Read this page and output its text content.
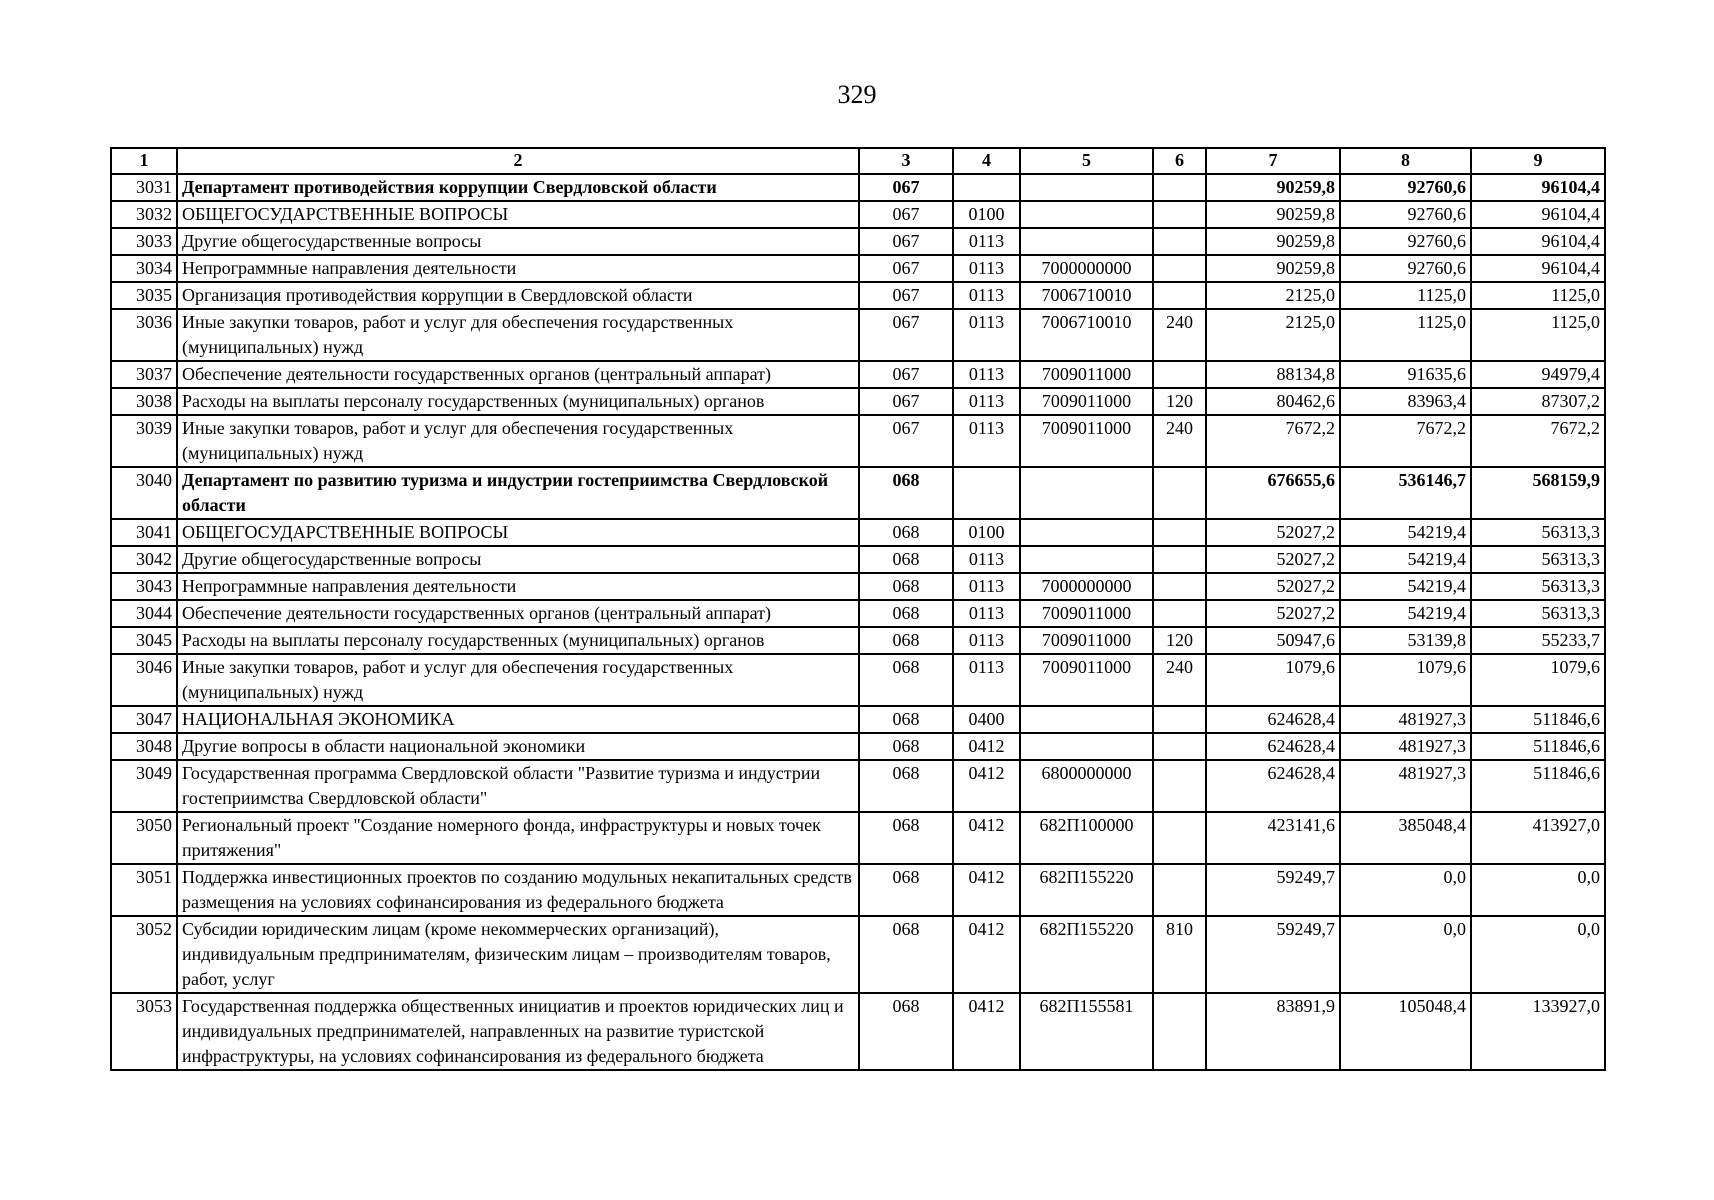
329
1	2	3	4	5	6	7	8	9
3031	Департамент противодействия коррупции Свердловской области	067				90259,8	92760,6	96104,4
3032	ОБЩЕГОСУДАРСТВЕННЫЕ ВОПРОСЫ	067	0100			90259,8	92760,6	96104,4
3033	Другие общегосударственные вопросы	067	0113			90259,8	92760,6	96104,4
3034	Непрограммные направления деятельности	067	0113	7000000000		90259,8	92760,6	96104,4
3035	Организация противодействия коррупции в Свердловской области	067	0113	7006710010		2125,0	1125,0	1125,0
3036	Иные закупки товаров, работ и услуг для обеспечения государственных (муниципальных) нужд	067	0113	7006710010	240	2125,0	1125,0	1125,0
3037	Обеспечение деятельности государственных органов (центральный аппарат)	067	0113	7009011000		88134,8	91635,6	94979,4
3038	Расходы на выплаты персоналу государственных (муниципальных) органов	067	0113	7009011000	120	80462,6	83963,4	87307,2
3039	Иные закупки товаров, работ и услуг для обеспечения государственных (муниципальных) нужд	067	0113	7009011000	240	7672,2	7672,2	7672,2
3040	Департамент по развитию туризма и индустрии гостеприимства Свердловской области	068				676655,6	536146,7	568159,9
3041	ОБЩЕГОСУДАРСТВЕННЫЕ ВОПРОСЫ	068	0100			52027,2	54219,4	56313,3
3042	Другие общегосударственные вопросы	068	0113			52027,2	54219,4	56313,3
3043	Непрограммные направления деятельности	068	0113	7000000000		52027,2	54219,4	56313,3
3044	Обеспечение деятельности государственных органов (центральный аппарат)	068	0113	7009011000		52027,2	54219,4	56313,3
3045	Расходы на выплаты персоналу государственных (муниципальных) органов	068	0113	7009011000	120	50947,6	53139,8	55233,7
3046	Иные закупки товаров, работ и услуг для обеспечения государственных (муниципальных) нужд	068	0113	7009011000	240	1079,6	1079,6	1079,6
3047	НАЦИОНАЛЬНАЯ ЭКОНОМИКА	068	0400			624628,4	481927,3	511846,6
3048	Другие вопросы в области национальной экономики	068	0412			624628,4	481927,3	511846,6
3049	Государственная программа Свердловской области "Развитие туризма и индустрии гостеприимства Свердловской области"	068	0412	6800000000		624628,4	481927,3	511846,6
3050	Региональный проект "Создание номерного фонда, инфраструктуры и новых точек притяжения"	068	0412	682П100000		423141,6	385048,4	413927,0
3051	Поддержка инвестиционных проектов по созданию модульных некапитальных средств размещения на условиях софинансирования из федерального бюджета	068	0412	682П155220		59249,7	0,0	0,0
3052	Субсидии юридическим лицам (кроме некоммерческих организаций), индивидуальным предпринимателям, физическим лицам – производителям товаров, работ, услуг	068	0412	682П155220	810	59249,7	0,0	0,0
3053	Государственная поддержка общественных инициатив и проектов юридических лиц и индивидуальных предпринимателей, направленных на развитие туристской инфраструктуры, на условиях софинансирования из федерального бюджета	068	0412	682П155581		83891,9	105048,4	133927,0
